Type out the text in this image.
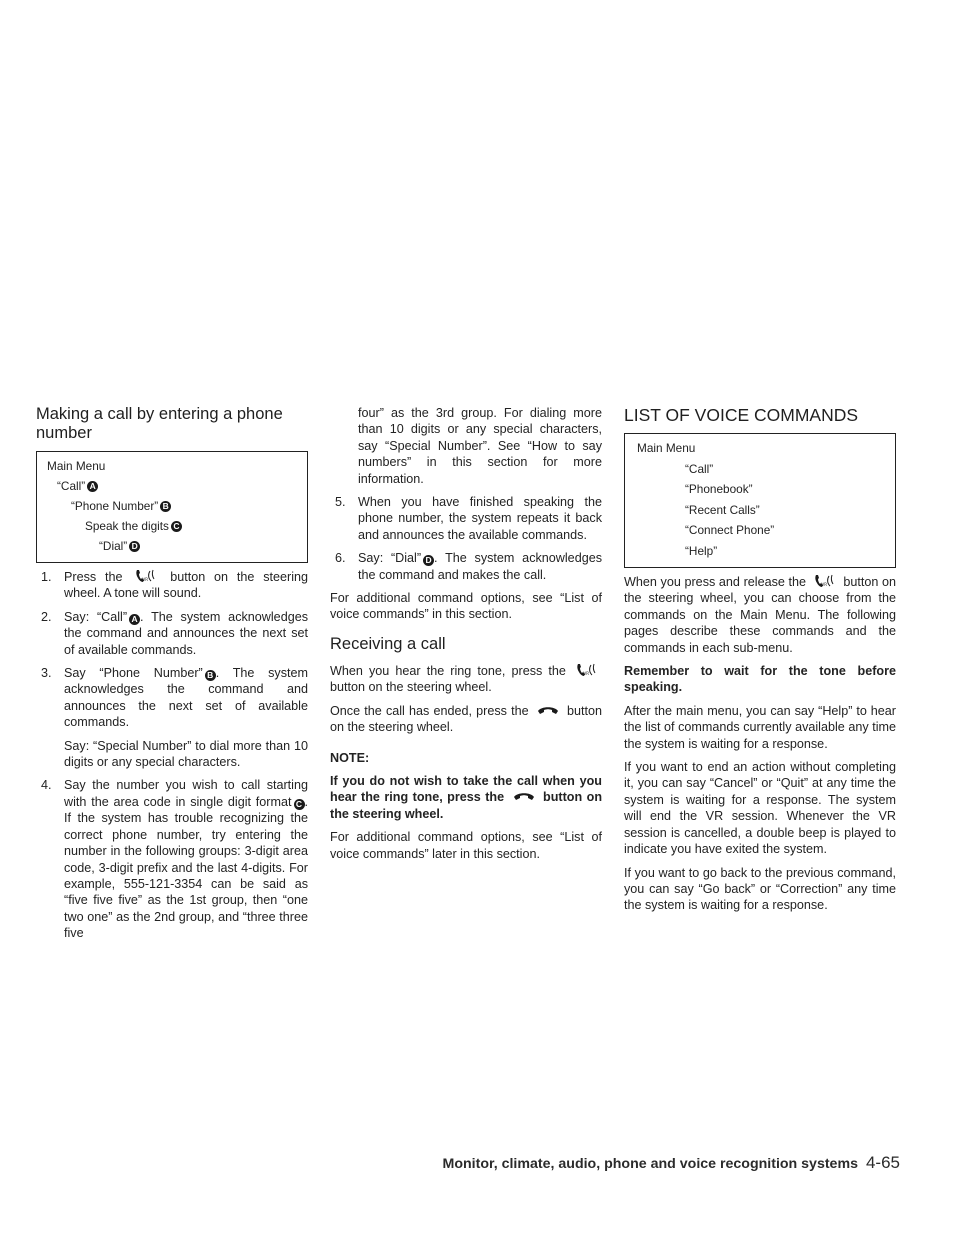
Making a call by entering a phone number
Main Menu
“Call” A
“Phone Number” B
Speak the digits C
“Dial” D
1. Press the	VR button on the steering wheel. A tone will sound.
2. Say: “Call” A . The system acknowledges the command and announces the next set of available commands.
3. Say “Phone Number” B . The system acknowledges the command and announces the next set of available commands.
Say: “Special Number” to dial more than 10 digits or any special characters.
4. Say the number you wish to call starting with the area code in single digit format C . If the system has trouble recognizing the correct phone number, try entering the number in the following groups: 3-digit area code, 3-digit prefix and the last 4-digits. For example, 555-121-3354 can be said as “five five five” as the 1st group, then “one two one” as the 2nd group, and “three three five

four” as the 3rd group. For dialing more than 10 digits or any special characters, say “Special Number”. See “How to say numbers” in this section for more information.

5. When you have finished speaking the phone number, the system repeats it back and announces the available commands.
6. Say: “Dial” D . The system acknowledges the command and makes the call.

For additional command options, see “List of voice commands” in this section.

Receiving a call

When you hear the ring tone, press the	VR
button on the steering wheel.

Once the call has ended, press the	button on the steering wheel.

NOTE:

If you do not wish to take the call when you hear the ring tone, press the	button on the steering wheel.

For additional command options, see “List of voice commands” later in this section.

LIST OF VOICE COMMANDS
Main Menu
“Call”
“Phonebook”
“Recent Calls”
“Connect Phone”
“Help”

When you press and release the	VR button on the steering wheel, you can choose from the commands on the Main Menu. The following pages describe these commands and the commands in each sub-menu.

Remember to wait for the tone before speaking.

After the main menu, you can say “Help” to hear the list of commands currently available any time the system is waiting for a response.

If you want to end an action without completing it, you can say “Cancel” or “Quit” at any time the system is waiting for a response. The system will end the VR session. Whenever the VR session is cancelled, a double beep is played to indicate you have exited the system.

If you want to go back to the previous command, you can say “Go back” or “Correction” any time the system is waiting for a response.

Monitor, climate, audio, phone and voice recognition systems 4-65
